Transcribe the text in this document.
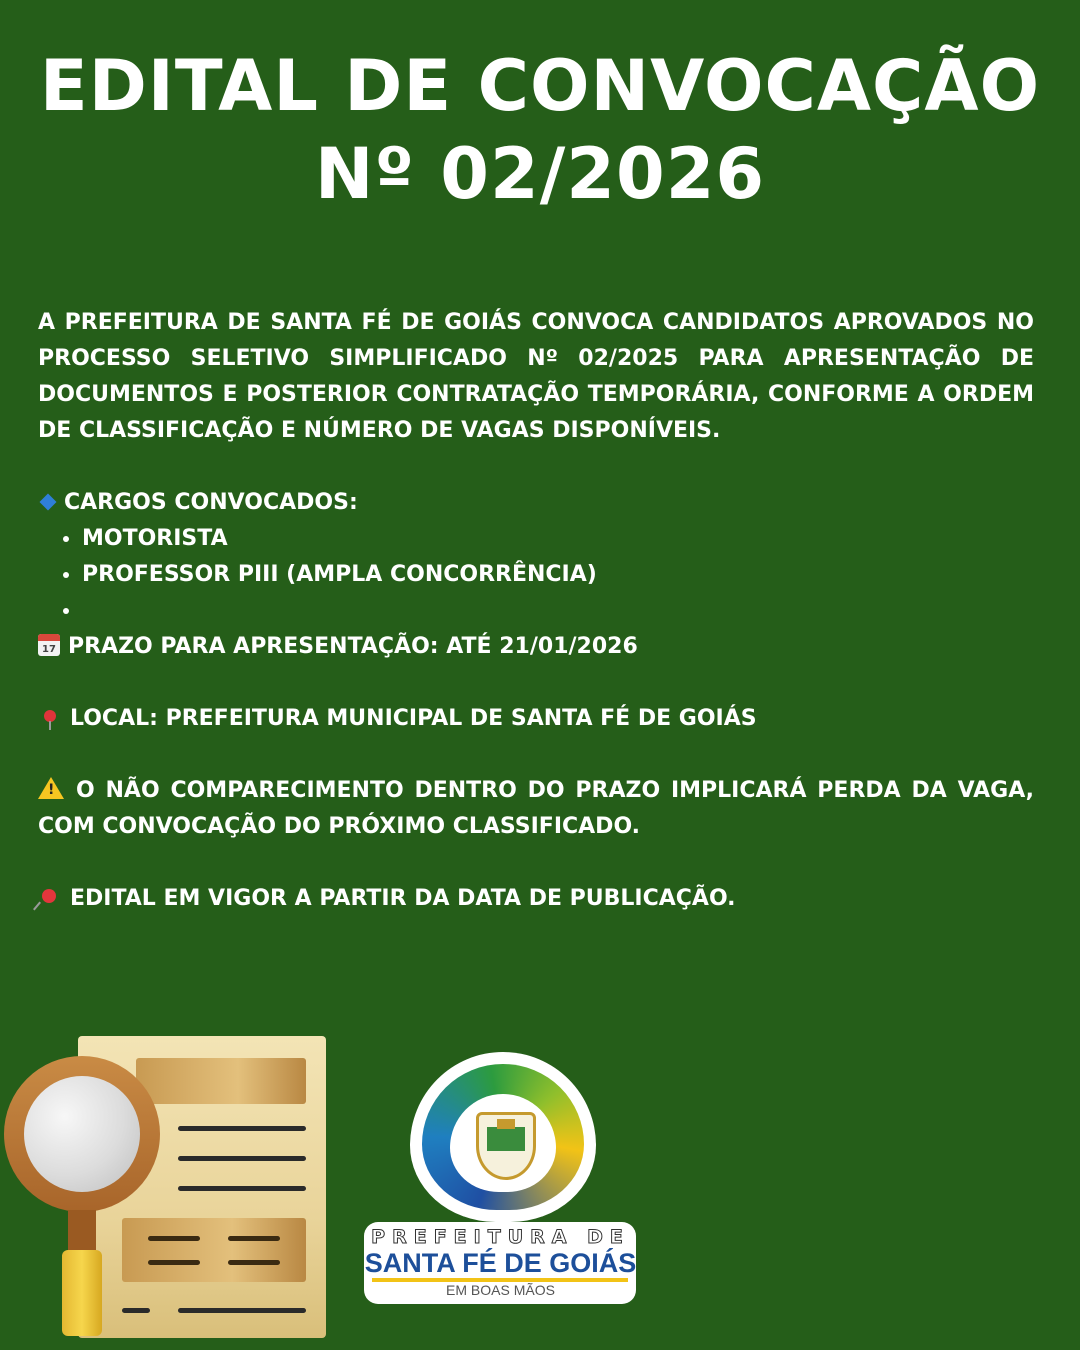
EDITAL DE CONVOCAÇÃO
Nº 02/2026

A PREFEITURA DE SANTA FÉ DE GOIÁS CONVOCA CANDIDATOS APROVADOS NO PROCESSO SELETIVO SIMPLIFICADO Nº 02/2025 PARA APRESENTAÇÃO DE DOCUMENTOS E POSTERIOR CONTRATAÇÃO TEMPORÁRIA, CONFORME A ORDEM DE CLASSIFICAÇÃO E NÚMERO DE VAGAS DISPONÍVEIS.

CARGOS CONVOCADOS:

• MOTORISTA
• PROFESSOR PIII (AMPLA CONCORRÊNCIA)
•

17 PRAZO PARA APRESENTAÇÃO: ATÉ 21/01/2026

LOCAL: PREFEITURA MUNICIPAL DE SANTA FÉ DE GOIÁS

!O NÃO COMPARECIMENTO DENTRO DO PRAZO IMPLICARÁ PERDA DA VAGA, COM CONVOCAÇÃO DO PRÓXIMO CLASSIFICADO.

EDITAL EM VIGOR A PARTIR DA DATA DE PUBLICAÇÃO.

PREFEITURA DE
SANTA FÉ DE GOIÁS
EM BOAS MÃOS
